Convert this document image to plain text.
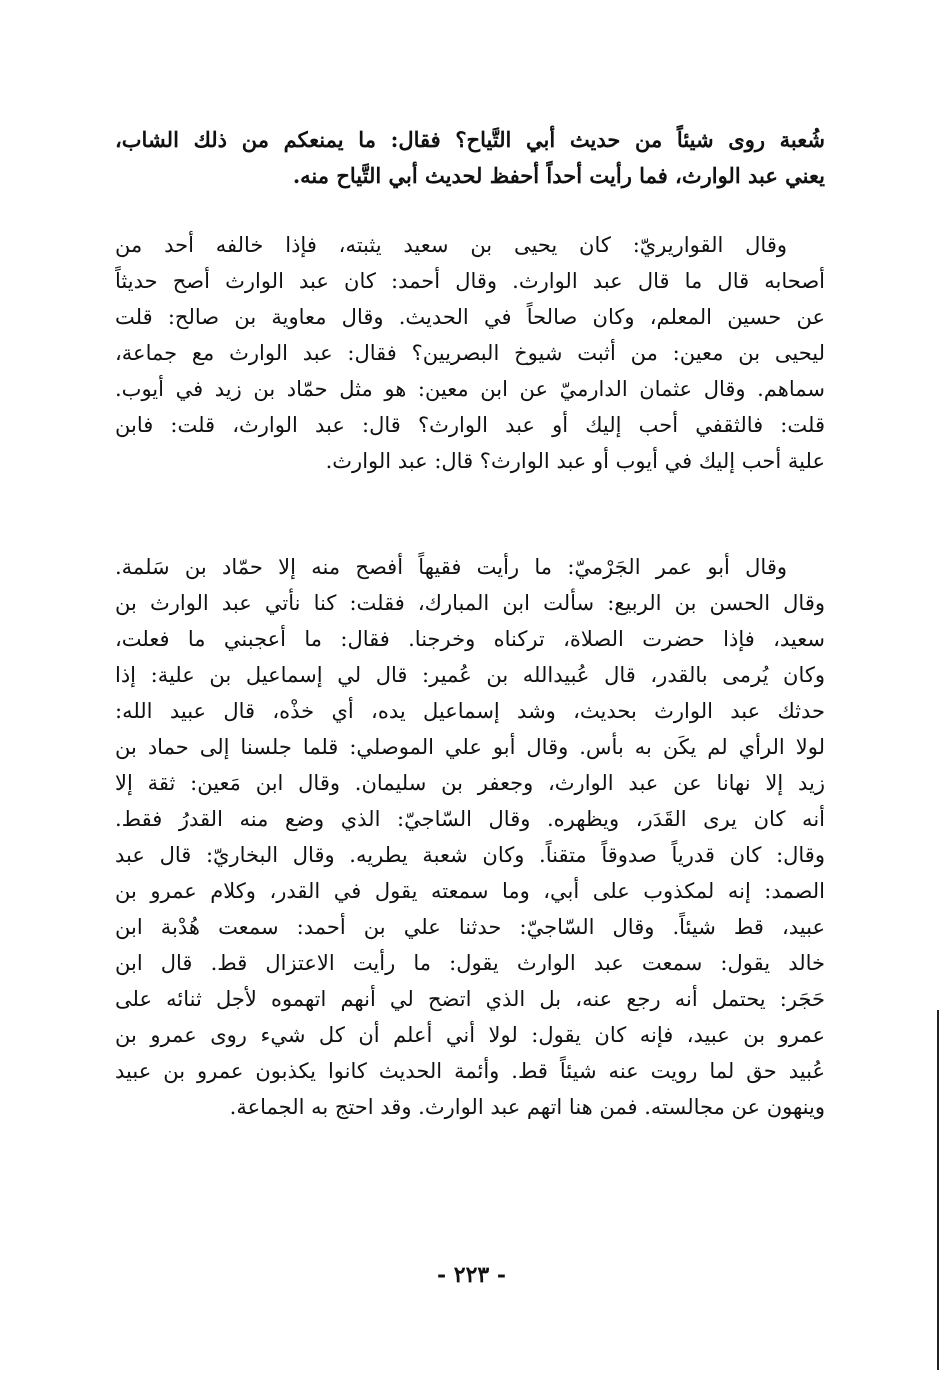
شُعبة روى شيئاً من حديث أبي التَّياح؟ فقال: ما يمنعكم من ذلك الشاب،
يعني عبد الوارث، فما رأيت أحداً أحفظ لحديث أبي التَّياح منه.
وقال القواريريّ: كان يحيى بن سعيد يثبته، فإذا خالفه أحد من
أصحابه قال ما قال عبد الوارث. وقال أحمد: كان عبد الوارث أصح حديثاً
عن حسين المعلم، وكان صالحاً في الحديث. وقال معاوية بن صالح: قلت
ليحيى بن معين: من أثبت شيوخ البصريين؟ فقال: عبد الوارث مع جماعة،
سماهم. وقال عثمان الدارميّ عن ابن معين: هو مثل حمّاد بن زيد في أيوب.
قلت: فالثقفي أحب إليك أو عبد الوارث؟ قال: عبد الوارث، قلت: فابن
علية أحب إليك في أيوب أو عبد الوارث؟ قال: عبد الوارث.
وقال أبو عمر الجَرْميّ: ما رأيت فقيهاً أفصح منه إلا حمّاد بن سَلمة.
وقال الحسن بن الربيع: سألت ابن المبارك، فقلت: كنا نأتي عبد الوارث بن
سعيد، فإذا حضرت الصلاة، تركناه وخرجنا. فقال: ما أعجبني ما فعلت،
وكان يُرمى بالقدر، قال عُبيدالله بن عُمير: قال لي إسماعيل بن علية: إذا
حدثك عبد الوارث بحديث، وشد إسماعيل يده، أي خذْه، قال عبيد الله:
لولا الرأي لم يكَن به بأس. وقال أبو علي الموصلي: قلما جلسنا إلى حماد بن
زيد إلا نهانا عن عبد الوارث، وجعفر بن سليمان. وقال ابن مَعين: ثقة إلا
أنه كان يرى القَدَر، ويظهره. وقال السّاجيّ: الذي وضع منه القدرُ فقط.
وقال: كان قدرياً صدوقاً متقناً. وكان شعبة يطريه. وقال البخاريّ: قال عبد
الصمد: إنه لمكذوب على أبي، وما سمعته يقول في القدر، وكلام عمرو بن
عبيد، قط شيئاً. وقال السّاجيّ: حدثنا علي بن أحمد: سمعت هُدْبة ابن
خالد يقول: سمعت عبد الوارث يقول: ما رأيت الاعتزال قط. قال ابن
حَجَر: يحتمل أنه رجع عنه، بل الذي اتضح لي أنهم اتهموه لأجل ثنائه على
عمرو بن عبيد، فإنه كان يقول: لولا أني أعلم أن كل شيء روى عمرو بن
عُبيد حق لما رويت عنه شيئاً قط. وأئمة الحديث كانوا يكذبون عمرو بن عبيد
وينهون عن مجالسته. فمن هنا اتهم عبد الوارث. وقد احتج به الجماعة.
- ٢٢٣ -
